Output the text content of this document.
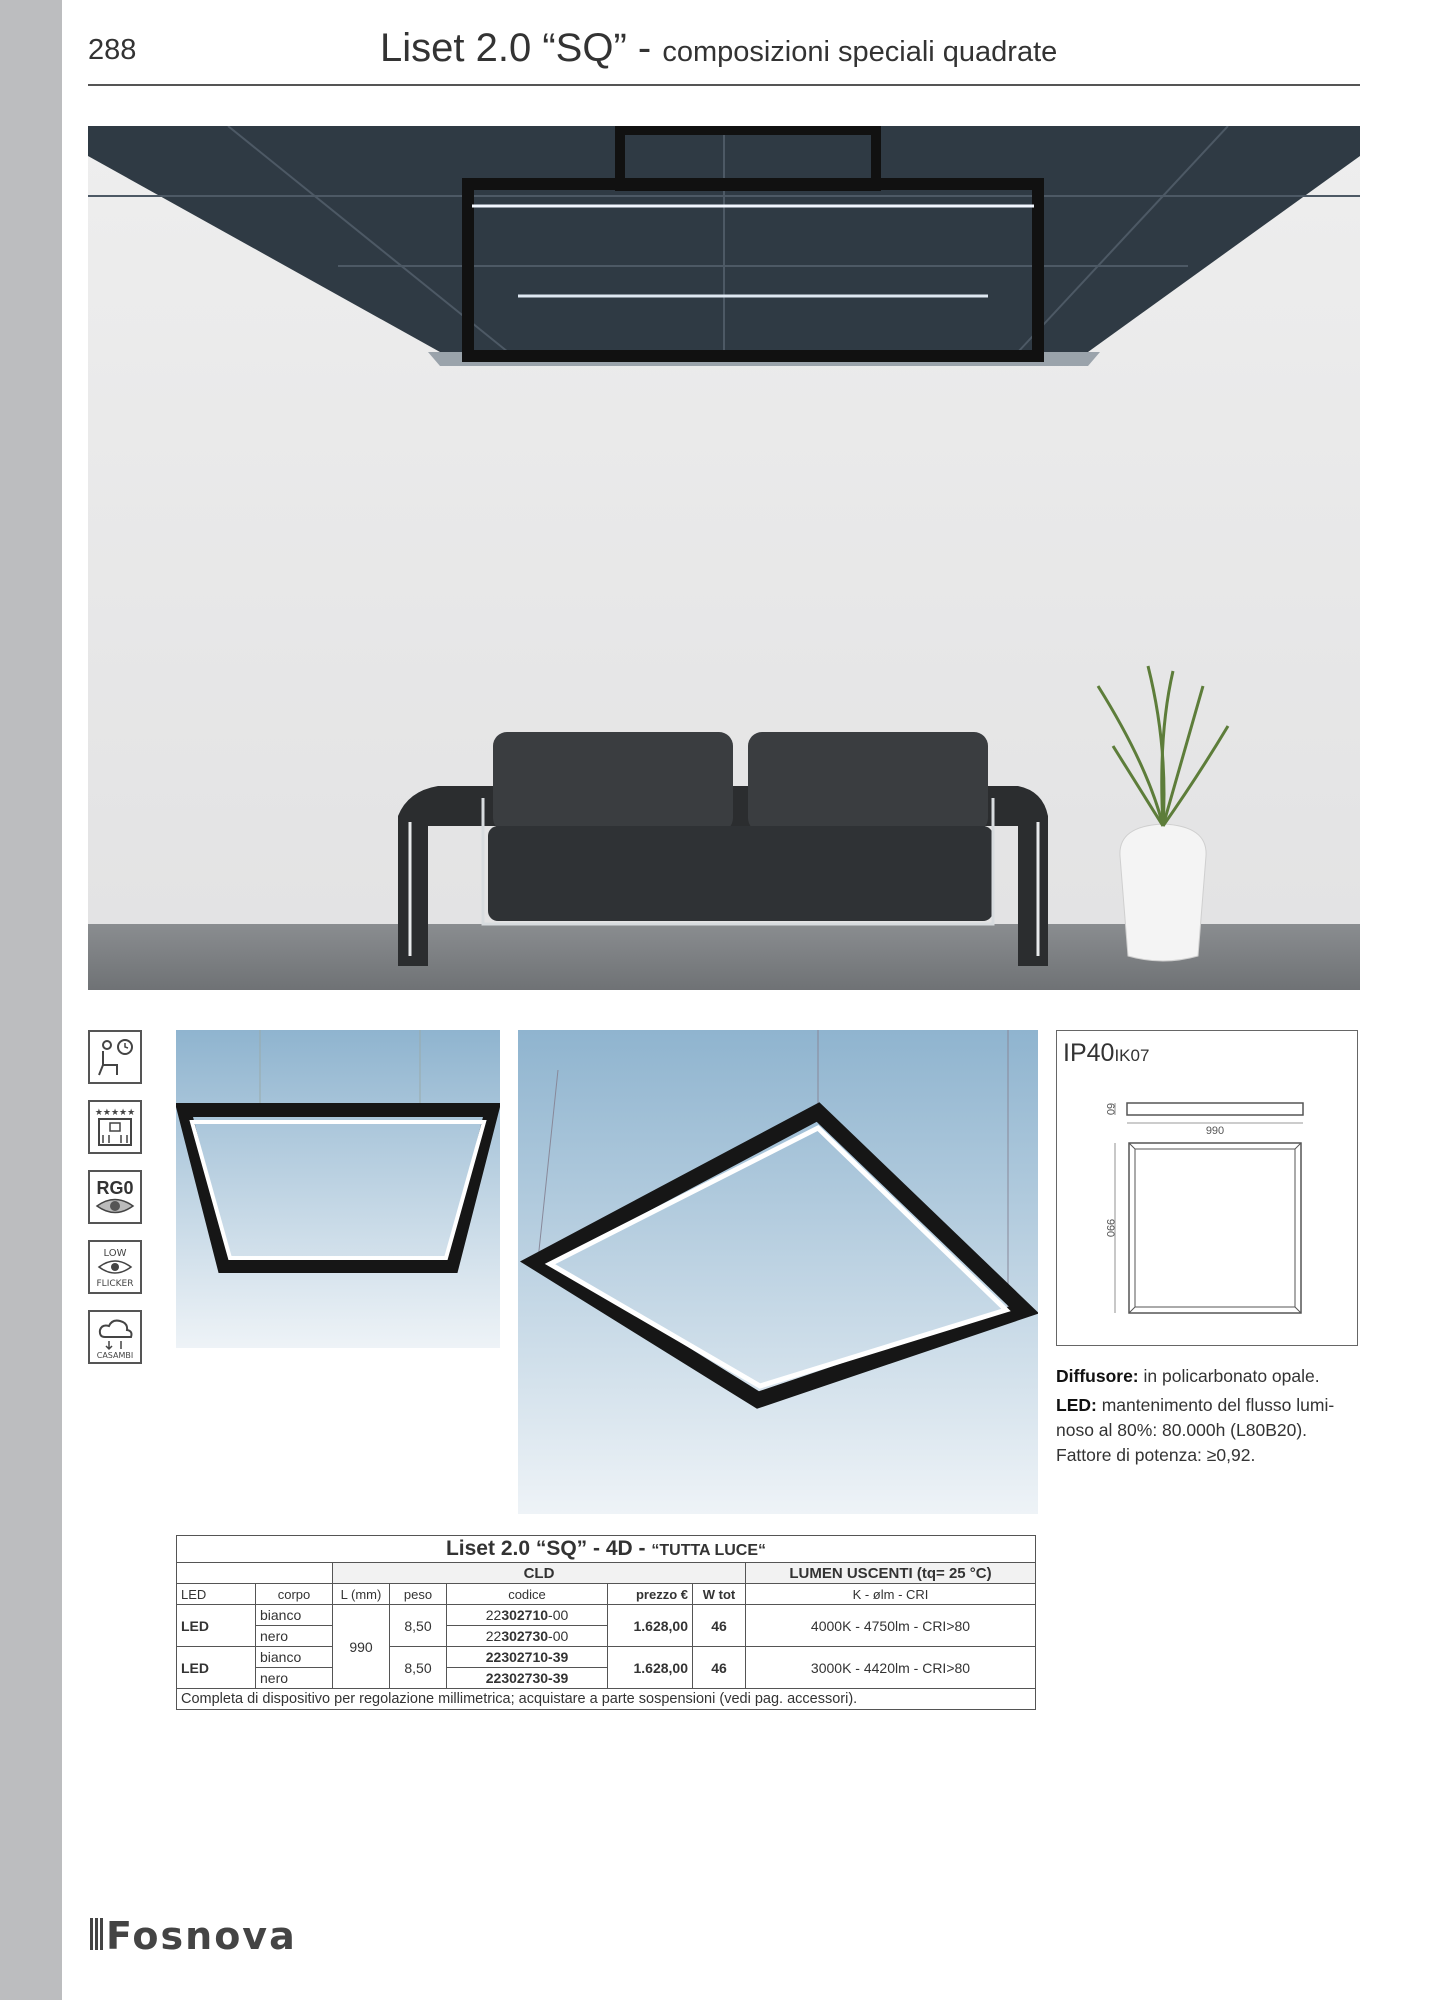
288	Liset 2.0 “SQ” - composizioni speciali quadrate
★★★★★
RG0
LOW
FLICKER
CASAMBI
IP40IK07
990
60
990

Diffusore: in policarbonato opale.

LED: mantenimento del flusso lumi-noso al 80%: 80.000h (L80B20).

Fattore di potenza: ≥0,92.

Liset 2.0 “SQ” - 4D - “TUTTA LUCE“							
		CLD					LUMEN USCENTI (tq= 25 °C)
LED	corpo	L (mm)	peso	codice	prezzo €	W tot	K - ølm - CRI
LED	bianco	990	8,50	22302710-00	1.628,00	46	4000K - 4750lm - CRI>80
	nero			22302730-00			
LED	bianco		8,50	22302710-39	1.628,00	46	3000K - 4420lm - CRI>80
	nero			22302730-39			
Completa di dispositivo per regolazione millimetrica; acquistare a parte sospensioni (vedi pag. accessori).							
Fosnova
